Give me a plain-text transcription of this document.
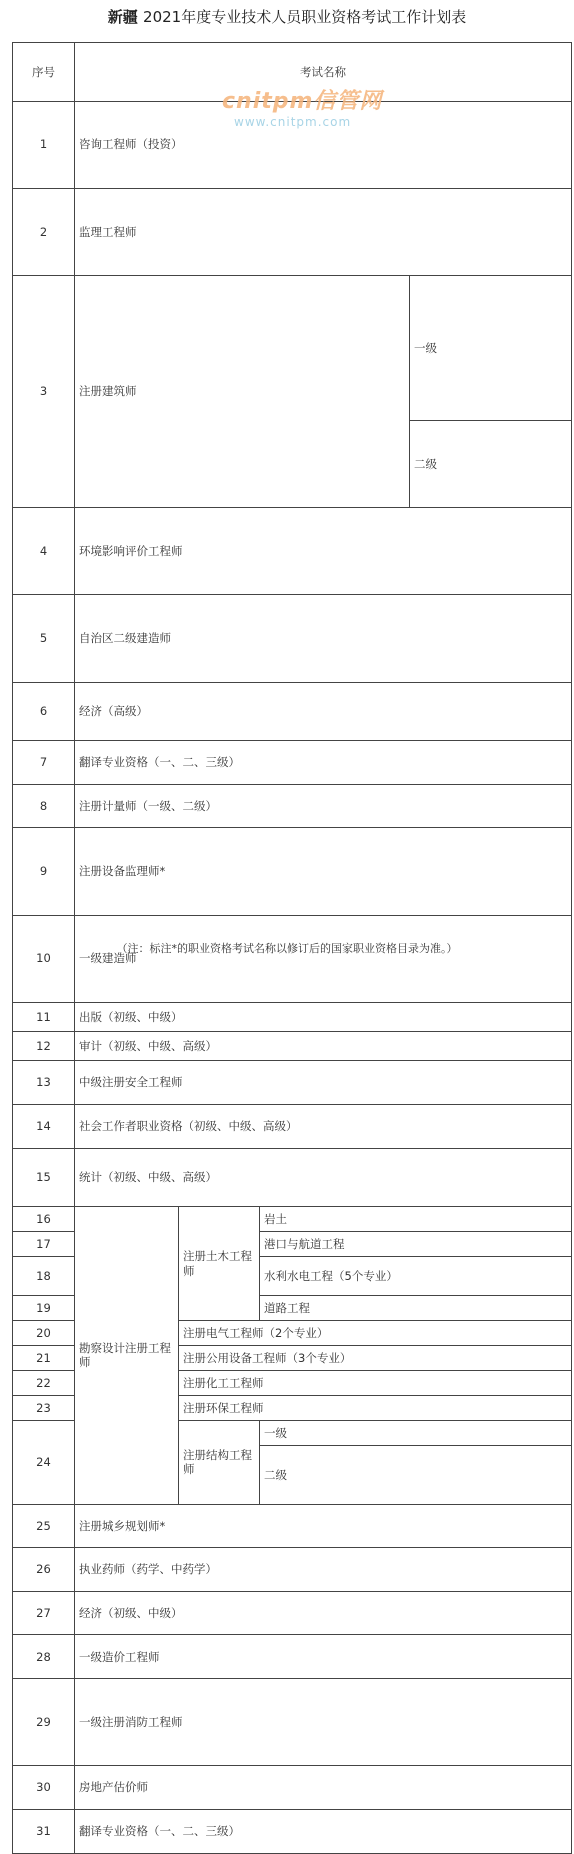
新疆 2021年度专业技术人员职业资格考试工作计划表
序号	考试名称	
1	咨询工程师（投资）	
2	监理工程师	
3	注册建筑师			一级	
				二级	
4	环境影响评价工程师	
5	自治区二级建造师	
6	经济（高级）	
7	翻译专业资格（一、二、三级）	
8	注册计量师（一级、二级）				
9	注册设备监理师*	
10	一级建造师	
11	出版（初级、中级）	
12	审计（初级、中级、高级）				
13	中级注册安全工程师	
14	社会工作者职业资格（初级、中级、高级）				
15	统计（初级、中级、高级）	
16	勘察设计注册工程师	注册土木工程师	岩土	
17			港口与航道工程		
18			水利水电工程（5个专业）		
19			道路工程		
20		注册电气工程师（2个专业）			
21		注册公用设备工程师（3个专业）			
22		注册化工工程师			
23		注册环保工程师			
24		注册结构工程师	一级		
			二级	
25	注册城乡规划师*	
26	执业药师（药学、中药学）				
27	经济（初级、中级）	
28	一级造价工程师				
29	一级注册消防工程师	
30	房地产估价师	
31	翻译专业资格（一、二、三级）				
cnitpm信管网
www.cnitpm.com
（注：标注*的职业资格考试名称以修订后的国家职业资格目录为准。）
